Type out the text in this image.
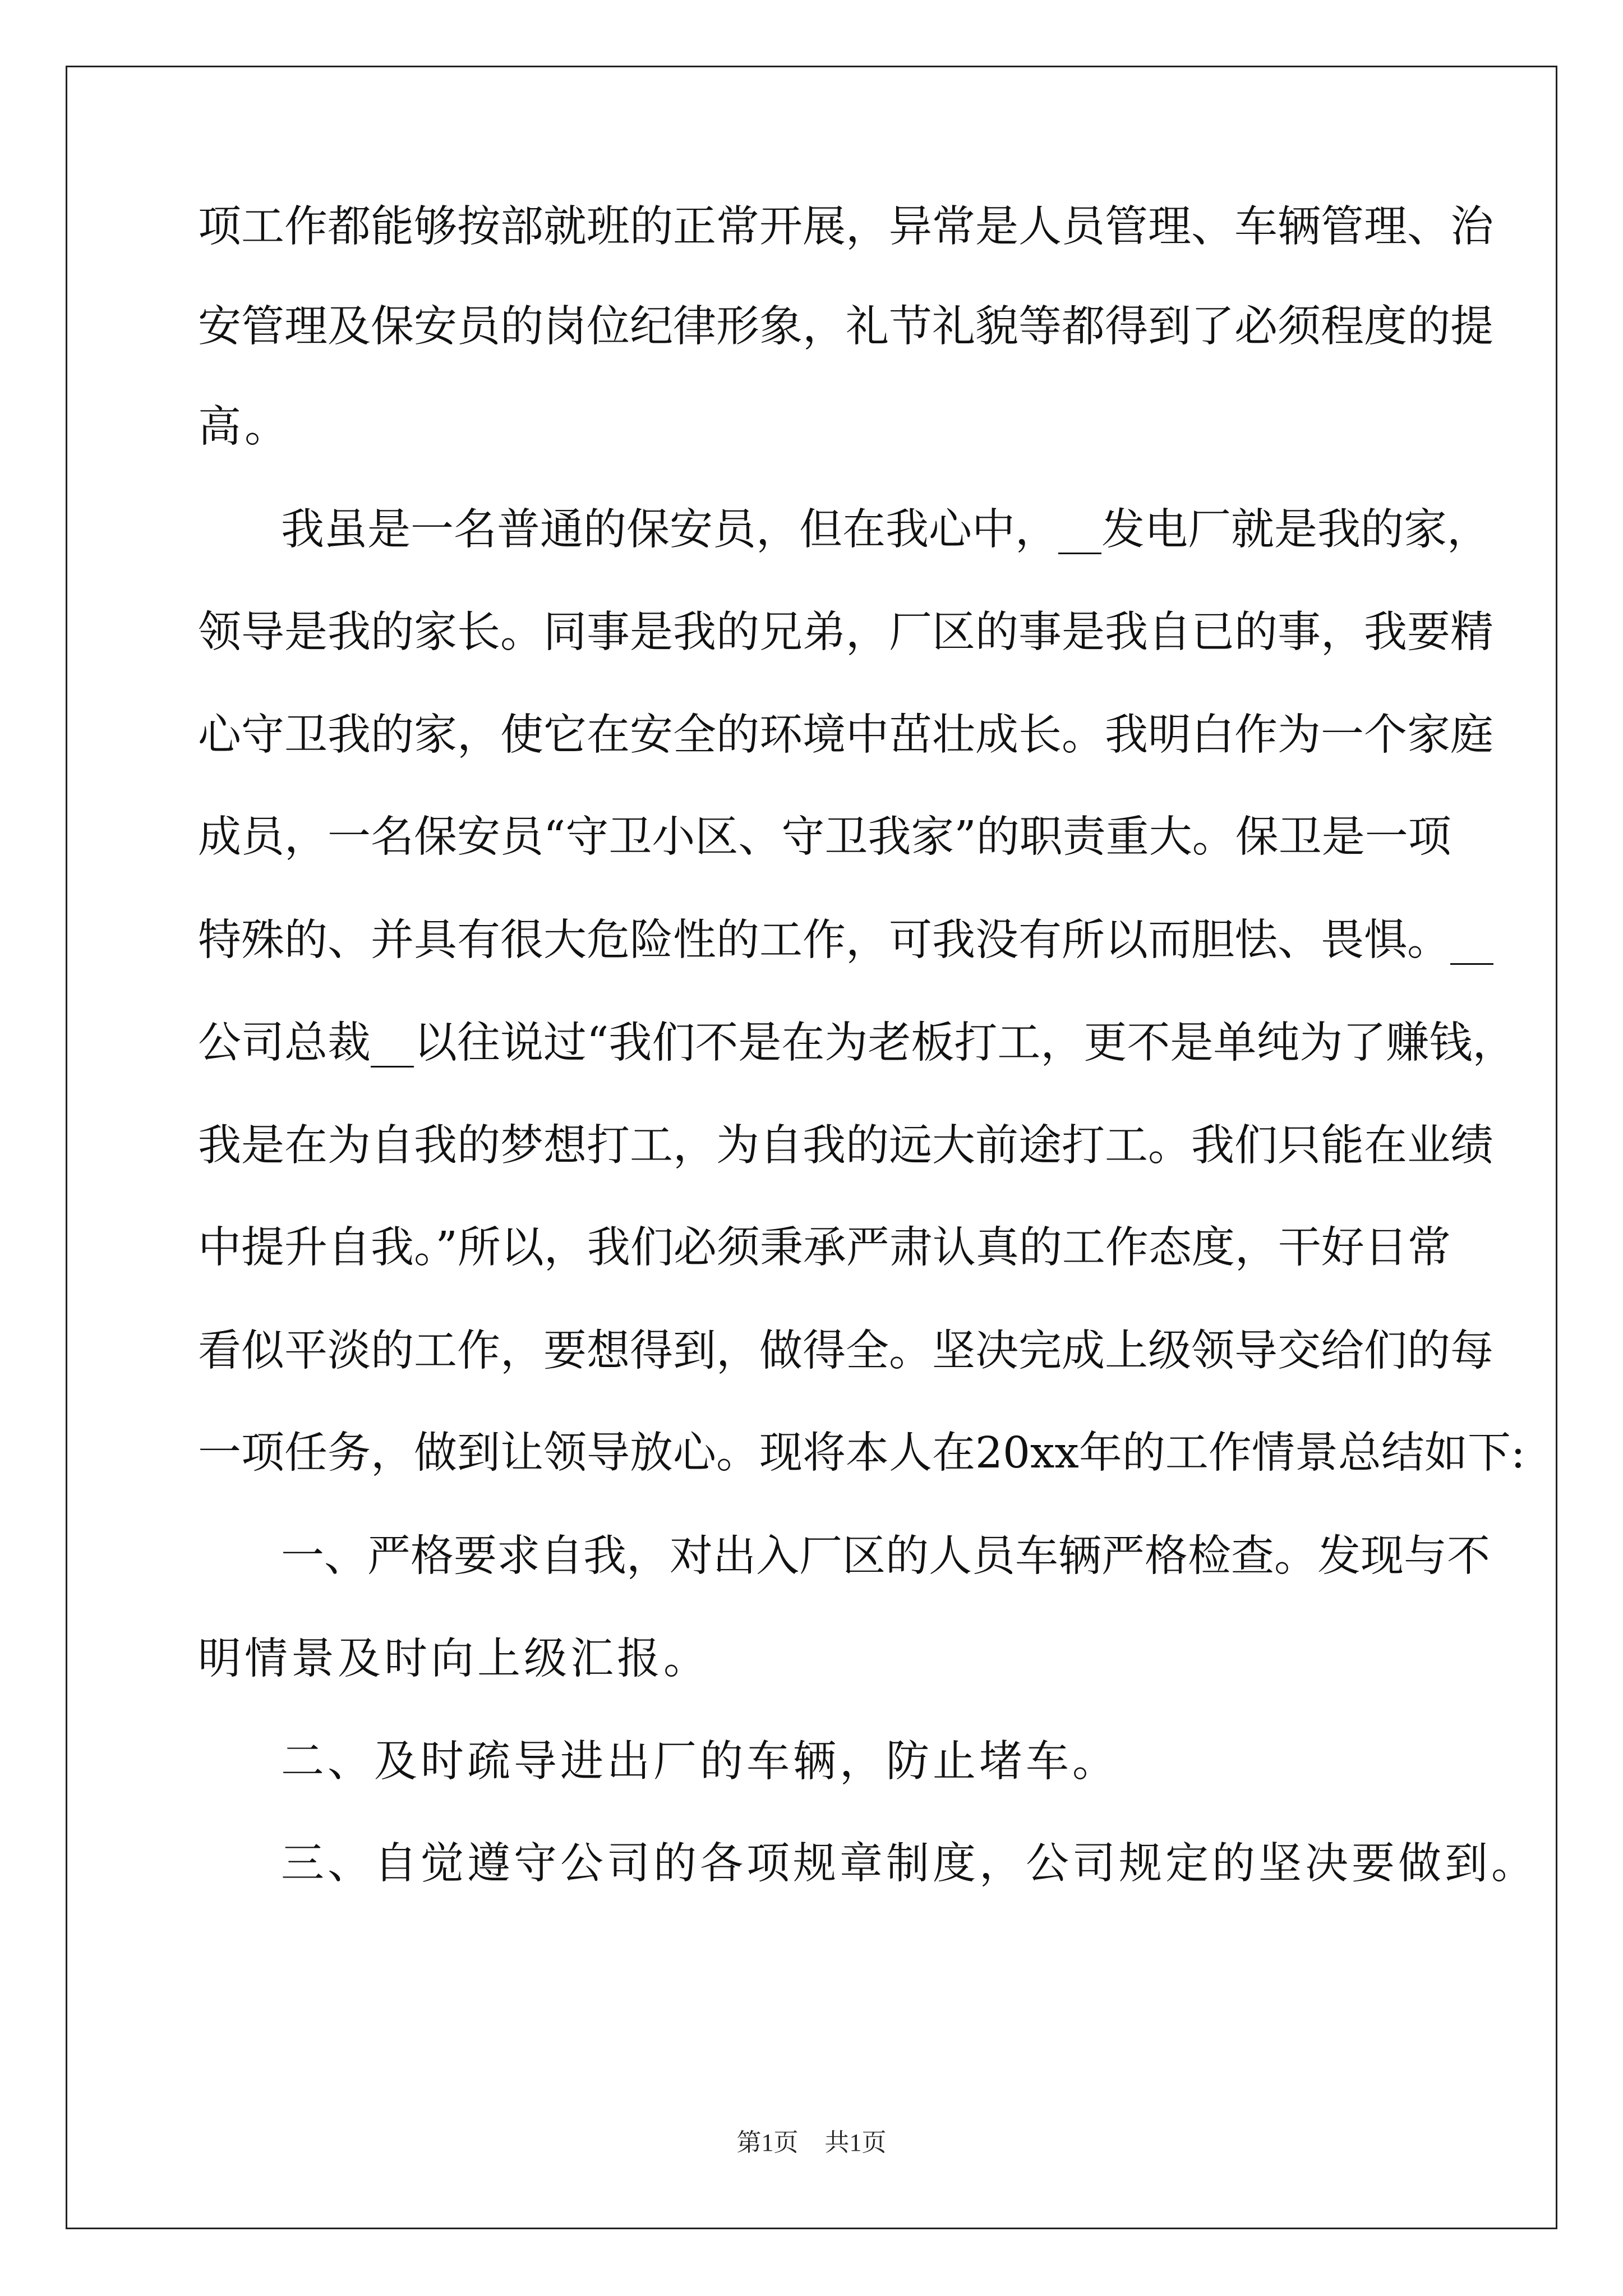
项工作都能够按部就班的正常开展，异常是人员管理、车辆管理、治
安管理及保安员的岗位纪律形象，礼节礼貌等都得到了必须程度的提
高。
我虽是一名普通的保安员，但在我心中，__发电厂就是我的家，
领导是我的家长。同事是我的兄弟，厂区的事是我自已的事，我要精
心守卫我的家，使它在安全的环境中茁壮成长。我明白作为一个家庭
成员，一名保安员“守卫小区、守卫我家”的职责重大。保卫是一项
特殊的、并具有很大危险性的工作，可我没有所以而胆怯、畏惧。__
公司总裁__以往说过“我们不是在为老板打工，更不是单纯为了赚钱，
我是在为自我的梦想打工，为自我的远大前途打工。我们只能在业绩
中提升自我。”所以，我们必须秉承严肃认真的工作态度，干好日常
看似平淡的工作，要想得到，做得全。坚决完成上级领导交给们的每
一项任务，做到让领导放心。现将本人在20xx年的工作情景总结如下:
一、严格要求自我，对出入厂区的人员车辆严格检查。发现与不
明情景及时向上级汇报。
二、及时疏导进出厂的车辆，防止堵车。
三、自觉遵守公司的各项规章制度，公司规定的坚决要做到。
第1页 共1页
